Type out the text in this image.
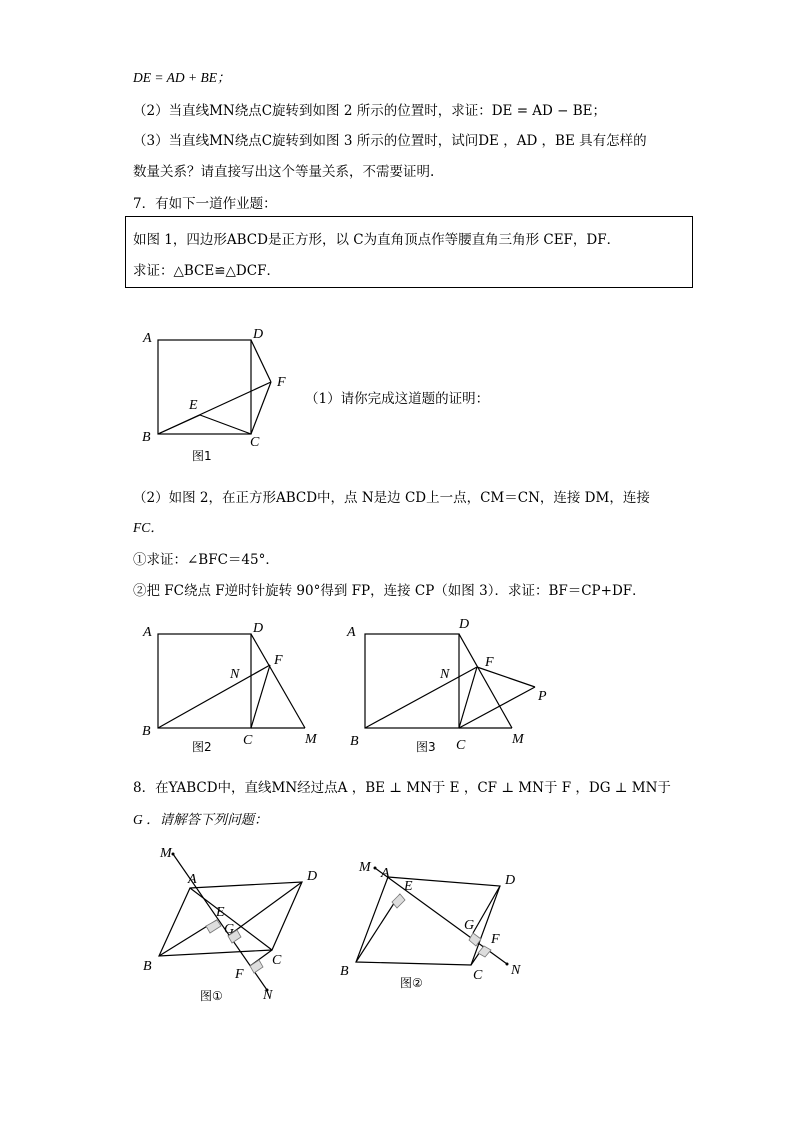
DE = AD + BE；
（2）当直线MN绕点C旋转到如图 2 所示的位置时，求证：DE = AD − BE；
（3）当直线MN绕点C旋转到如图 3 所示的位置时，试问DE ，AD ，BE 具有怎样的
数量关系？请直接写出这个等量关系，不需要证明.
7．有如下一道作业题：
如图 1，四边形ABCD是正方形，以 C为直角顶点作等腰直角三角形 CEF，DF．
求证：△BCE≌△DCF．
A	D
F
E
B	C
图1
（1）请你完成这道题的证明：
（2）如图 2，在正方形ABCD中，点 N是边 CD上一点，CM＝CN，连接 DM，连接
FC．
①求证：∠BFC＝45°．
②把 FC绕点 F逆时针旋转 90°得到 FP，连接 CP（如图 3）．求证：BF＝CP+DF．
A	D
N
F
B
C	M
图2
A
D
N
F
P
B	C	M
图3
8．在YABCD中，直线MN经过点A ，BE ⊥ MN于 E ，CF ⊥ MN于 F ，DG ⊥ MN于
G ．请解答下列问题：
M
A	D
E
G
B	C
F
N
图①
M A
E	D
G
F
B	C N
图②
